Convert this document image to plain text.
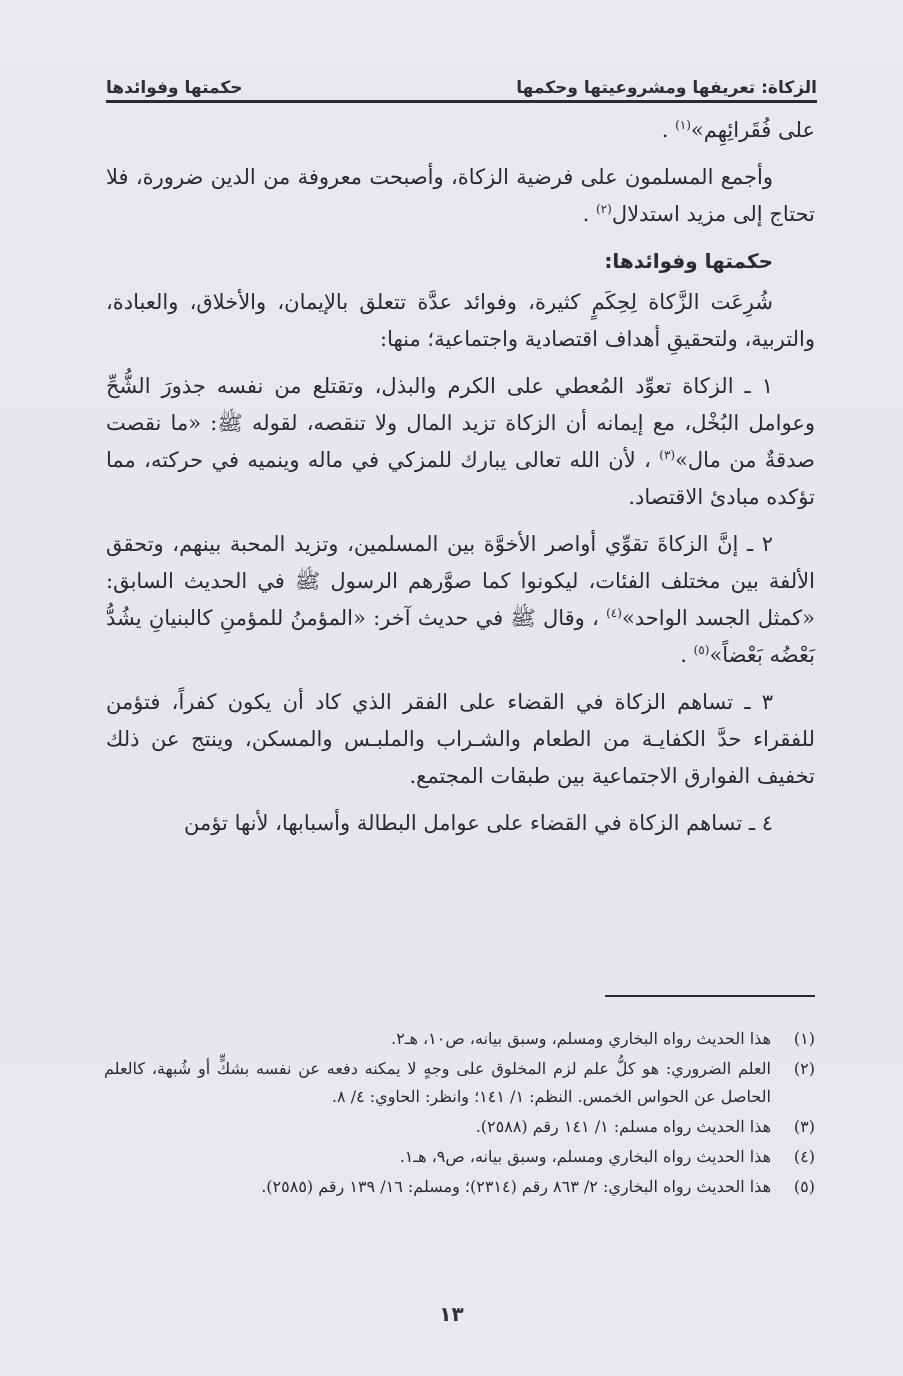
الزكاة: تعريفها ومشروعيتها وحكمها
حكمتها وفوائدها

على فُقَرائِهِم»$^{(١)}$ .

وأجمع المسلمون على فرضية الزكاة، وأصبحت معروفة من الدين ضرورة، فلا تحتاج إلى مزيد استدلال$^{(٢)}$ .

حكمتها وفوائدها:

شُرِعَت الزَّكاة لِحِكَمٍ كثيرة، وفوائد عدَّة تتعلق بالإيمان، والأخلاق، والعبادة، والتربية، ولتحقيقِ أهداف اقتصادية واجتماعية؛ منها:

١ ـ الزكاة تعوِّد المُعطي على الكرم والبذل، وتقتلع من نفسه جذورَ الشُّحِّ وعوامل البُخْل، مع إيمانه أن الزكاة تزيد المال ولا تنقصه، لقوله ﷺ: «ما نقصت صدقةٌ من مال»$^{(٣)}$ ، لأن الله تعالى يبارك للمزكي في ماله وينميه في حركته، مما تؤكده مبادئ الاقتصاد.

٢ ـ إنَّ الزكاةَ تقوِّي أواصر الأخوَّة بين المسلمين، وتزيد المحبة بينهم، وتحقق الألفة بين مختلف الفئات، ليكونوا كما صوَّرهم الرسول ﷺ في الحديث السابق: «كمثل الجسد الواحد»$^{(٤)}$ ، وقال ﷺ في حديث آخر: «المؤمنُ للمؤمنِ كالبنيانِ يشُدُّ بَعْضُه بَعْضاً»$^{(٥)}$ .

٣ ـ تساهم الزكاة في القضاء على الفقر الذي كاد أن يكون كفراً، فتؤمن للفقراء حدَّ الكفايـة من الطعام والشـراب والملبـس والمسكن، وينتج عن ذلك تخفيف الفوارق الاجتماعية بين طبقات المجتمع.

٤ ـ تساهم الزكاة في القضاء على عوامل البطالة وأسبابها، لأنها تؤمن

(١)
هذا الحديث رواه البخاري ومسلم، وسبق بيانه، ص١٠، هـ٢.
(٢)
العلم الضروري: هو كلُّ علم لزم المخلوق على وجهٍ لا يمكنه دفعه عن نفسه بشكٍّ أو شُبهة، كالعلم الحاصل عن الحواس الخمس. النظم: ١/ ١٤١؛ وانظر: الحاوي: ٤/ ٨.
(٣)
هذا الحديث رواه مسلم: ١/ ١٤١ رقم (٢٥٨٨).
(٤)
هذا الحديث رواه البخاري ومسلم، وسبق بيانه، ص٩، هـ١.
(٥)
هذا الحديث رواه البخاري: ٢/ ٨٦٣ رقم (٢٣١٤)؛ ومسلم: ١٦/ ١٣٩ رقم (٢٥٨٥).
١٣
